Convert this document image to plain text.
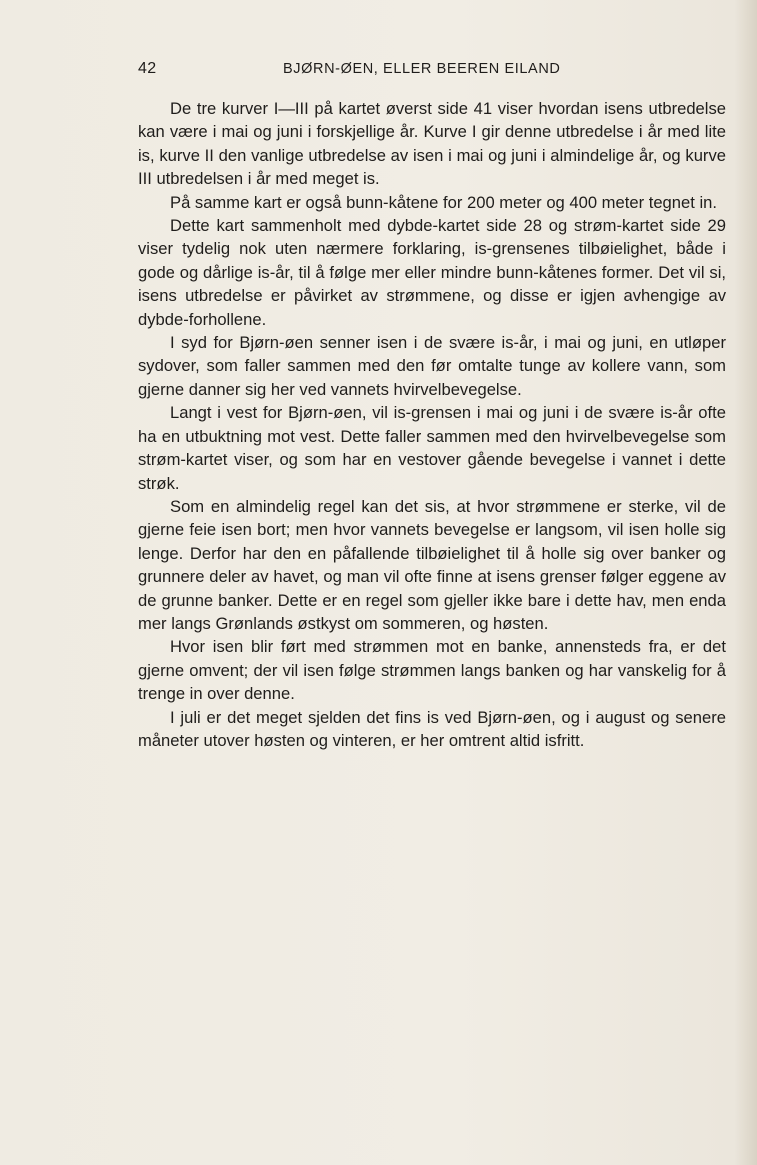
42	BJØRN-ØEN, ELLER BEEREN EILAND

De tre kurver I—III på kartet øverst side 41 viser hvordan isens utbredelse kan være i mai og juni i forskjellige år. Kurve I gir denne utbredelse i år med lite is, kurve II den vanlige utbredelse av isen i mai og juni i almindelige år, og kurve III utbredelsen i år med meget is.

På samme kart er også bunn-kåtene for 200 meter og 400 meter tegnet in.

Dette kart sammenholt med dybde-kartet side 28 og strøm-kartet side 29 viser tydelig nok uten nærmere forklaring, is-grensenes tilbøielighet, både i gode og dårlige is-år, til å følge mer eller mindre bunn-kåtenes former. Det vil si, isens utbredelse er påvirket av strømmene, og disse er igjen avhengige av dybde-forhollene.

I syd for Bjørn-øen senner isen i de svære is-år, i mai og juni, en utløper sydover, som faller sammen med den før omtalte tunge av kollere vann, som gjerne danner sig her ved vannets hvirvelbevegelse.

Langt i vest for Bjørn-øen, vil is-grensen i mai og juni i de svære is-år ofte ha en utbuktning mot vest. Dette faller sammen med den hvirvelbevegelse som strøm-kartet viser, og som har en vestover gående bevegelse i vannet i dette strøk.

Som en almindelig regel kan det sis, at hvor strømmene er sterke, vil de gjerne feie isen bort; men hvor vannets bevegelse er langsom, vil isen holle sig lenge. Derfor har den en påfallende tilbøielighet til å holle sig over banker og grunnere deler av havet, og man vil ofte finne at isens grenser følger eggene av de grunne banker. Dette er en regel som gjeller ikke bare i dette hav, men enda mer langs Grønlands østkyst om sommeren, og høsten.

Hvor isen blir ført med strømmen mot en banke, annensteds fra, er det gjerne omvent; der vil isen følge strømmen langs banken og har vanskelig for å trenge in over denne.

I juli er det meget sjelden det fins is ved Bjørn-øen, og i august og senere måneter utover høsten og vinteren, er her omtrent altid isfritt.
